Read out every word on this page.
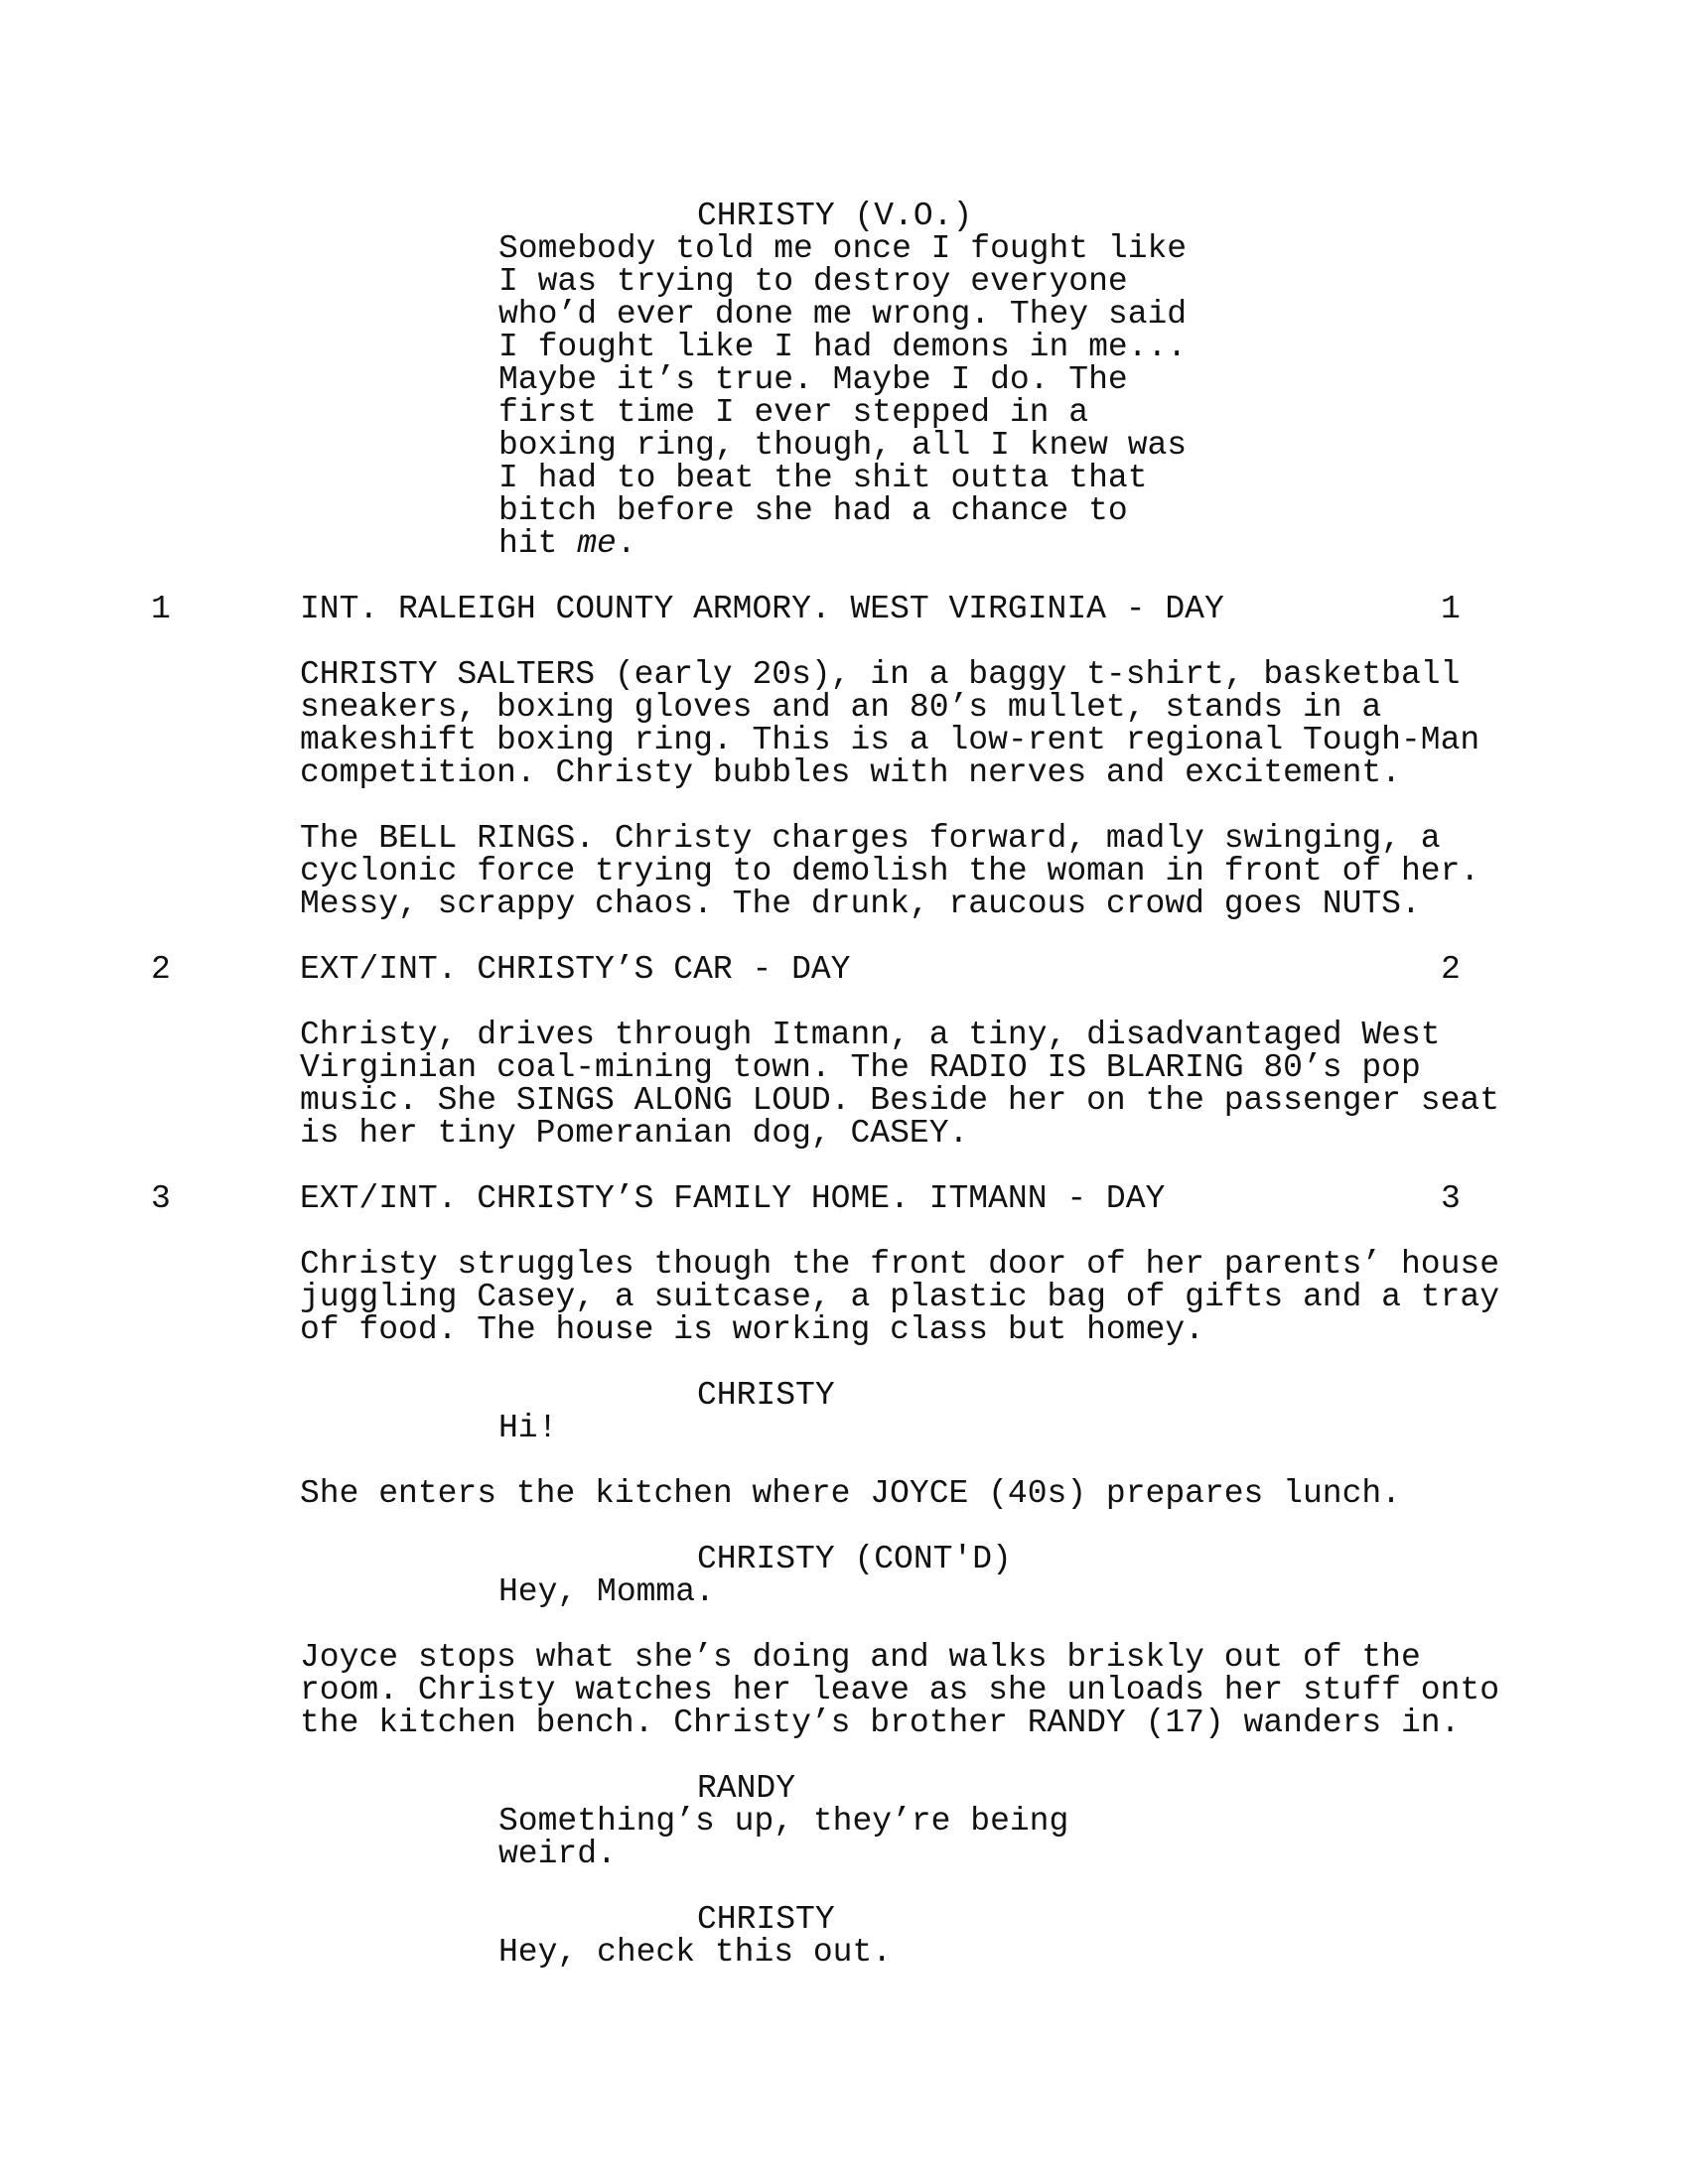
CHRISTY (V.O.)
Somebody told me once I fought like
I was trying to destroy everyone
who’d ever done me wrong. They said
I fought like I had demons in me...
Maybe it’s true. Maybe I do. The
first time I ever stepped in a
boxing ring, though, all I knew was
I had to beat the shit outta that
bitch before she had a chance to
hit me.
1	INT. RALEIGH COUNTY ARMORY. WEST VIRGINIA - DAY	1
CHRISTY SALTERS (early 20s), in a baggy t-shirt, basketball
sneakers, boxing gloves and an 80’s mullet, stands in a
makeshift boxing ring. This is a low-rent regional Tough-Man
competition. Christy bubbles with nerves and excitement.
The BELL RINGS. Christy charges forward, madly swinging, a
cyclonic force trying to demolish the woman in front of her.
Messy, scrappy chaos. The drunk, raucous crowd goes NUTS.
2	EXT/INT. CHRISTY’S CAR - DAY	2
Christy, drives through Itmann, a tiny, disadvantaged West
Virginian coal-mining town. The RADIO IS BLARING 80’s pop
music. She SINGS ALONG LOUD. Beside her on the passenger seat
is her tiny Pomeranian dog, CASEY.
3	EXT/INT. CHRISTY’S FAMILY HOME. ITMANN - DAY	3
Christy struggles though the front door of her parents’ house
juggling Casey, a suitcase, a plastic bag of gifts and a tray
of food. The house is working class but homey.
CHRISTY
Hi!
She enters the kitchen where JOYCE (40s) prepares lunch.
CHRISTY (CONT'D)
Hey, Momma.
Joyce stops what she’s doing and walks briskly out of the
room. Christy watches her leave as she unloads her stuff onto
the kitchen bench. Christy’s brother RANDY (17) wanders in.
RANDY
Something’s up, they’re being
weird.
CHRISTY
Hey, check this out.
